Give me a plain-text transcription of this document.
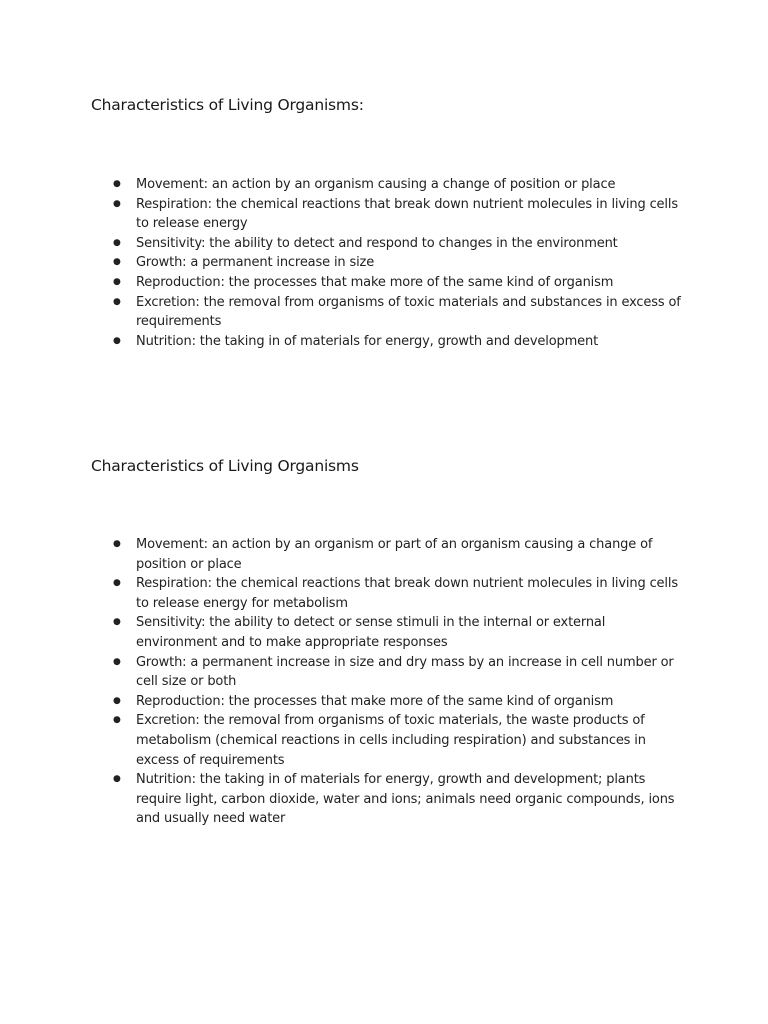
Characteristics of Living Organisms:
●	Movement: an action by an organism causing a change of position or place
●	Respiration: the chemical reactions that break down nutrient molecules in living cells to release energy
●	Sensitivity: the ability to detect and respond to changes in the environment
●	Growth: a permanent increase in size
●	Reproduction: the processes that make more of the same kind of organism
●	Excretion: the removal from organisms of toxic materials and substances in excess of requirements
●	Nutrition: the taking in of materials for energy, growth and development
Characteristics of Living Organisms
●	Movement: an action by an organism or part of an organism causing a change of position or place
●	Respiration: the chemical reactions that break down nutrient molecules in living cells to release energy for metabolism
●	Sensitivity: the ability to detect or sense stimuli in the internal or external environment and to make appropriate responses
●	Growth: a permanent increase in size and dry mass by an increase in cell number or cell size or both
●	Reproduction: the processes that make more of the same kind of organism
●	Excretion: the removal from organisms of toxic materials, the waste products of metabolism (chemical reactions in cells including respiration) and substances in excess of requirements
●	Nutrition: the taking in of materials for energy, growth and development; plants require light, carbon dioxide, water and ions; animals need organic compounds, ions and usually need water
